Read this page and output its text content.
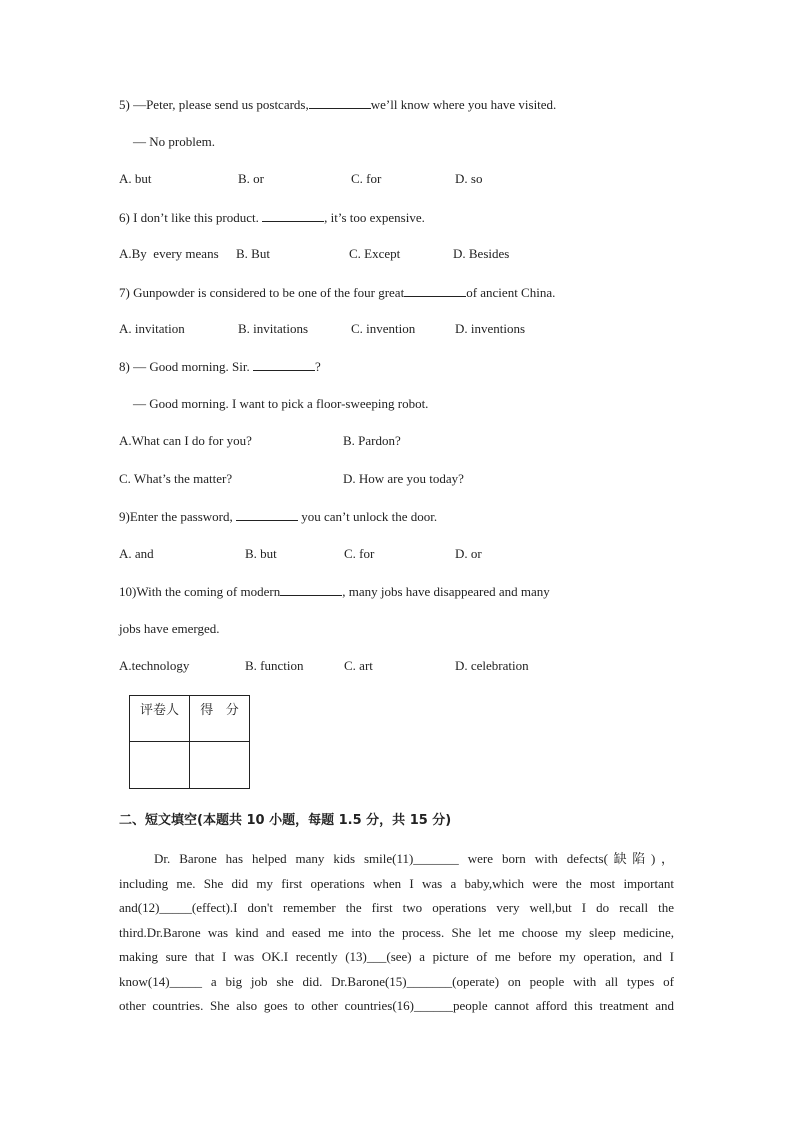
5) —Peter, please send us postcards,	we’ll know where you have visited.
— No problem.
A. but	B. or	C. for	D. so
6) I don’t like this product.	, it’s too expensive.
A.By  every means B. But	C. Except	D. Besides
7) Gunpowder is considered to be one of the four great	of ancient China.
A. invitation	B. invitations	C. invention	D. inventions
8) — Good morning. Sir.	?
— Good morning. I want to pick a floor-sweeping robot.
A.What can I do for you?	B. Pardon?
C. What’s the matter?	D. How are you today?
9)Enter the password,	you can’t unlock the door.
A. and	B. but	C. for	D. or
10)With the coming of modern	, many jobs have disappeared and many
jobs have emerged.
A.technology	B. function	C. art	D. celebration
评卷人	得   分

二、短文填空(本题共 10 小题，每题 1.5 分，共 15 分)
Dr. Barone has helped many kids smile(11)_______ were born with defects(缺陷)，
including me. She did my first operations when I was a baby,which were the most important
and(12)_____(effect).I don't remember the first two operations very well,but I do recall the
third.Dr.Barone was kind and eased me into the process. She let me choose my sleep medicine,
making sure that I was OK.I recently (13)___(see) a picture of me before my operation, and I
know(14)_____ a big job she did. Dr.Barone(15)_______(operate) on people with all types of
other countries. She also goes to other countries(16)______people cannot afford this treatment and
